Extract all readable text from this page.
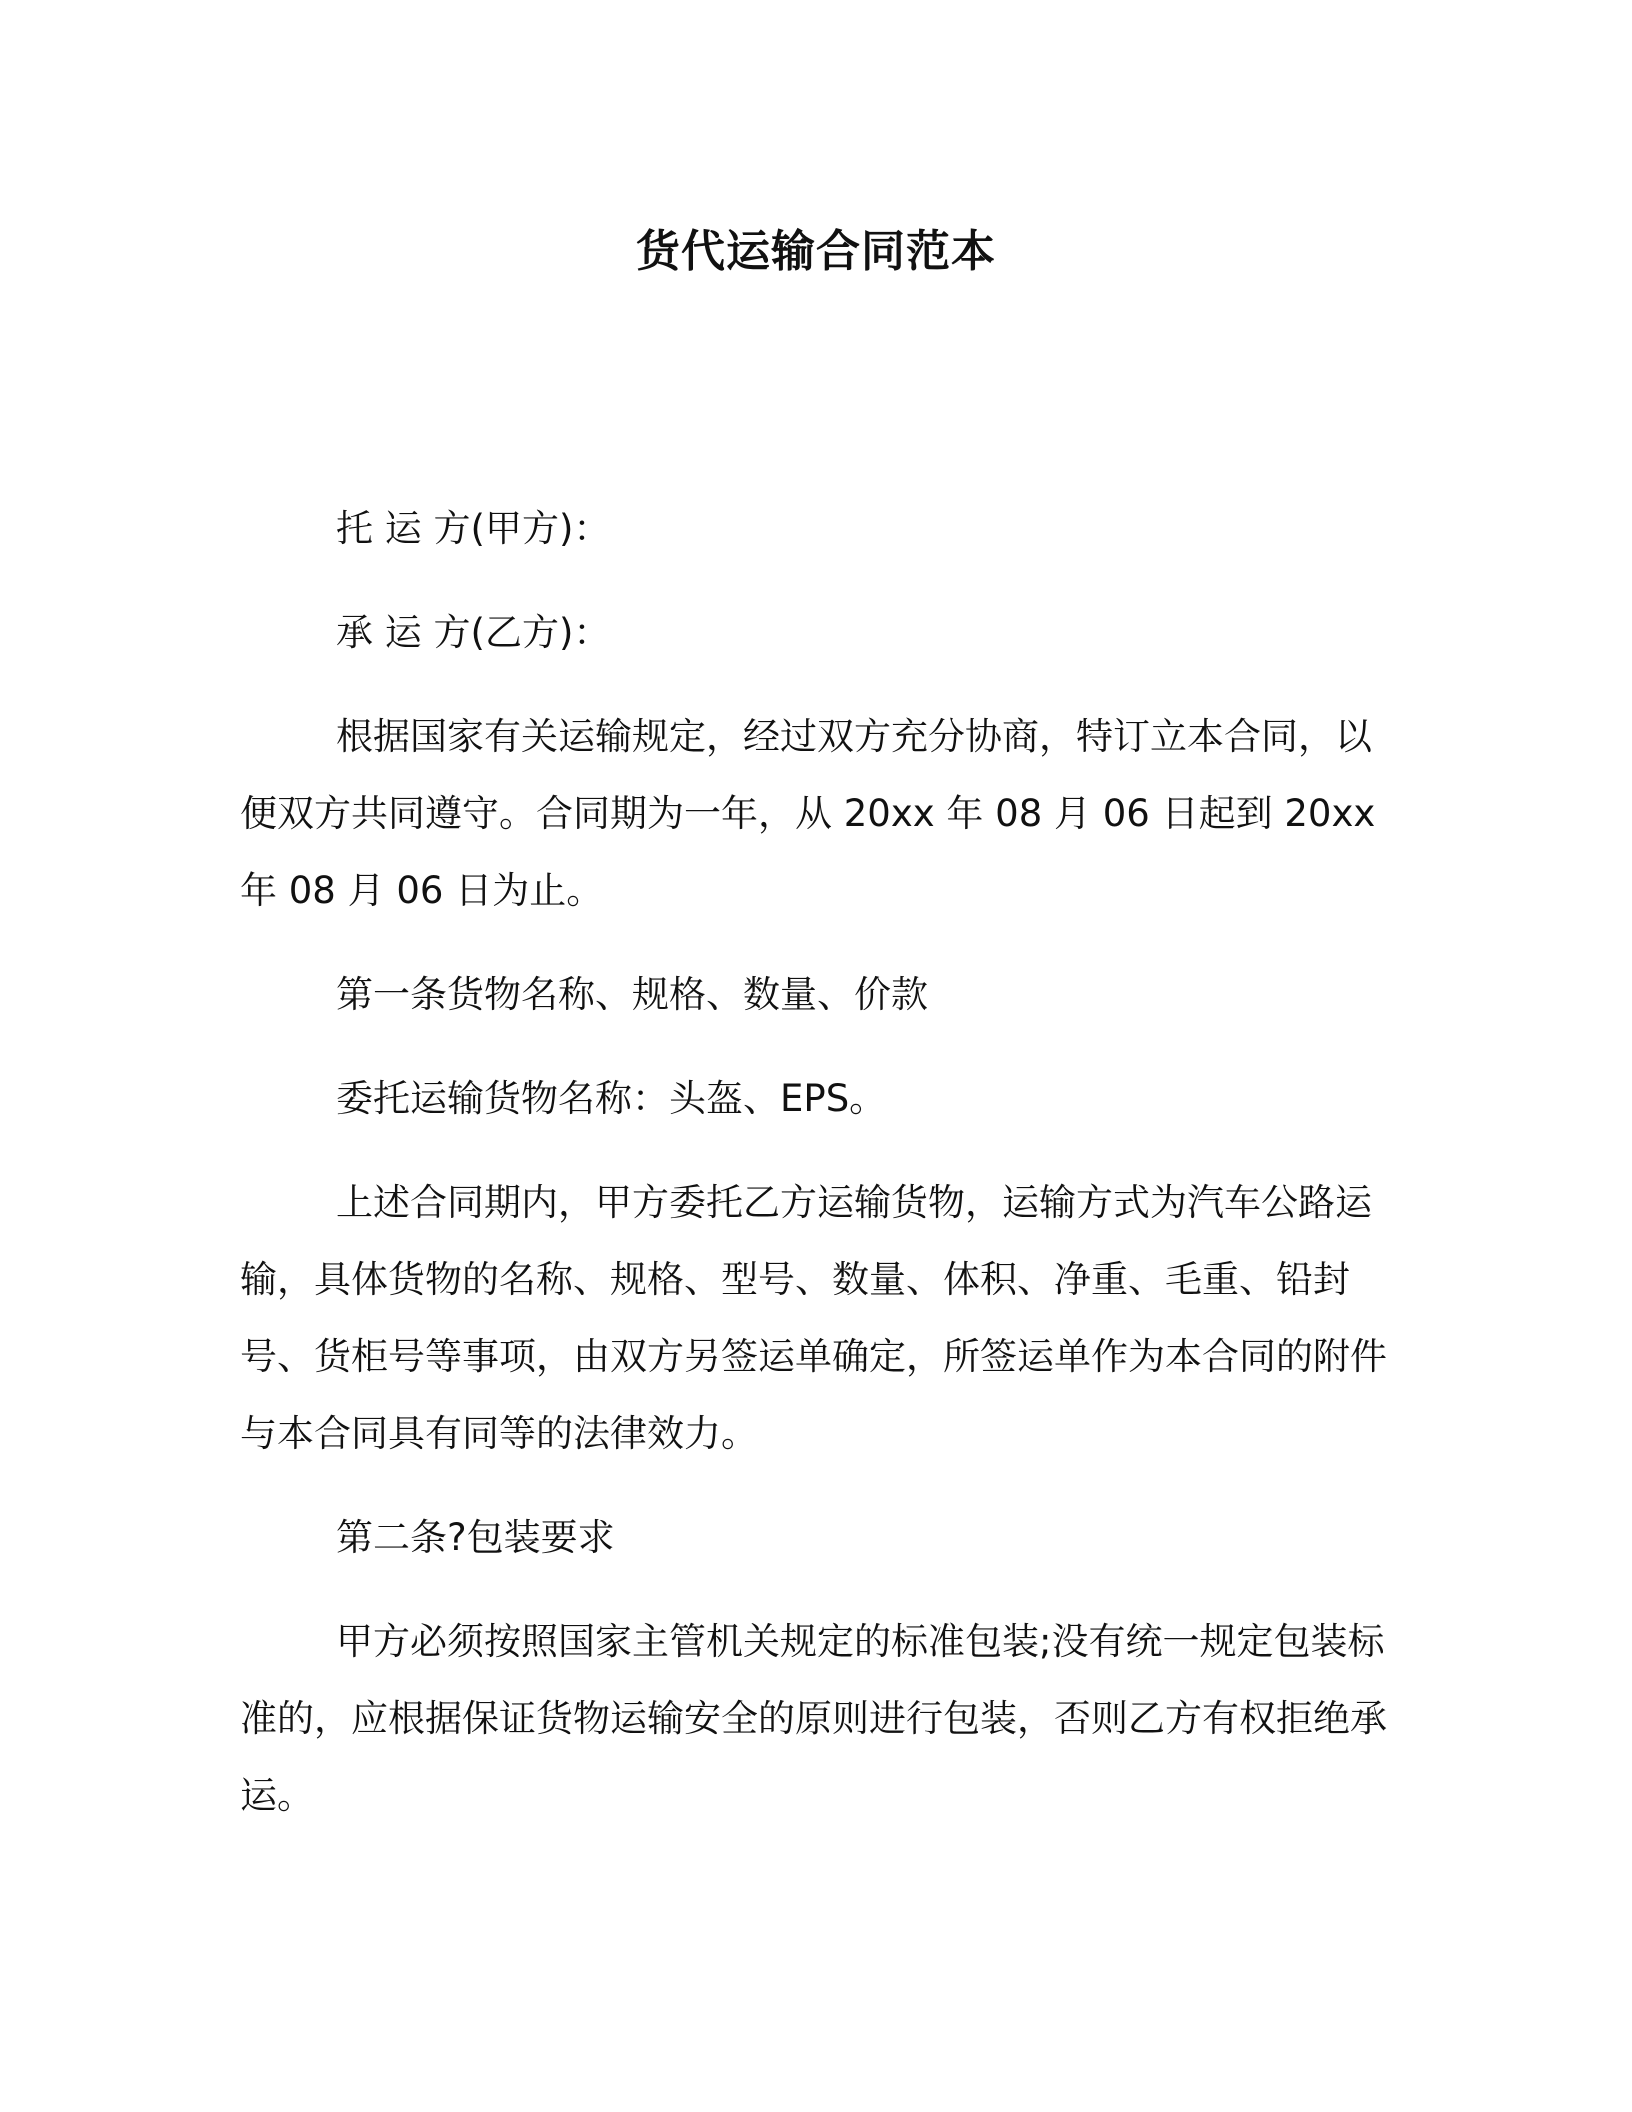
货代运输合同范本

托 运 方(甲方)：

承 运 方(乙方)：

根据国家有关运输规定，经过双方充分协商，特订立本合同，以便双方共同遵守。合同期为一年，从 20xx 年 08 月 06 日起到 20xx 年 08 月 06 日为止。

第一条货物名称、规格、数量、价款

委托运输货物名称：头盔、EPS。

上述合同期内，甲方委托乙方运输货物，运输方式为汽车公路运输，具体货物的名称、规格、型号、数量、体积、净重、毛重、铅封号、货柜号等事项，由双方另签运单确定，所签运单作为本合同的附件与本合同具有同等的法律效力。

第二条?包装要求

甲方必须按照国家主管机关规定的标准包装;没有统一规定包装标准的，应根据保证货物运输安全的原则进行包装，否则乙方有权拒绝承运。
